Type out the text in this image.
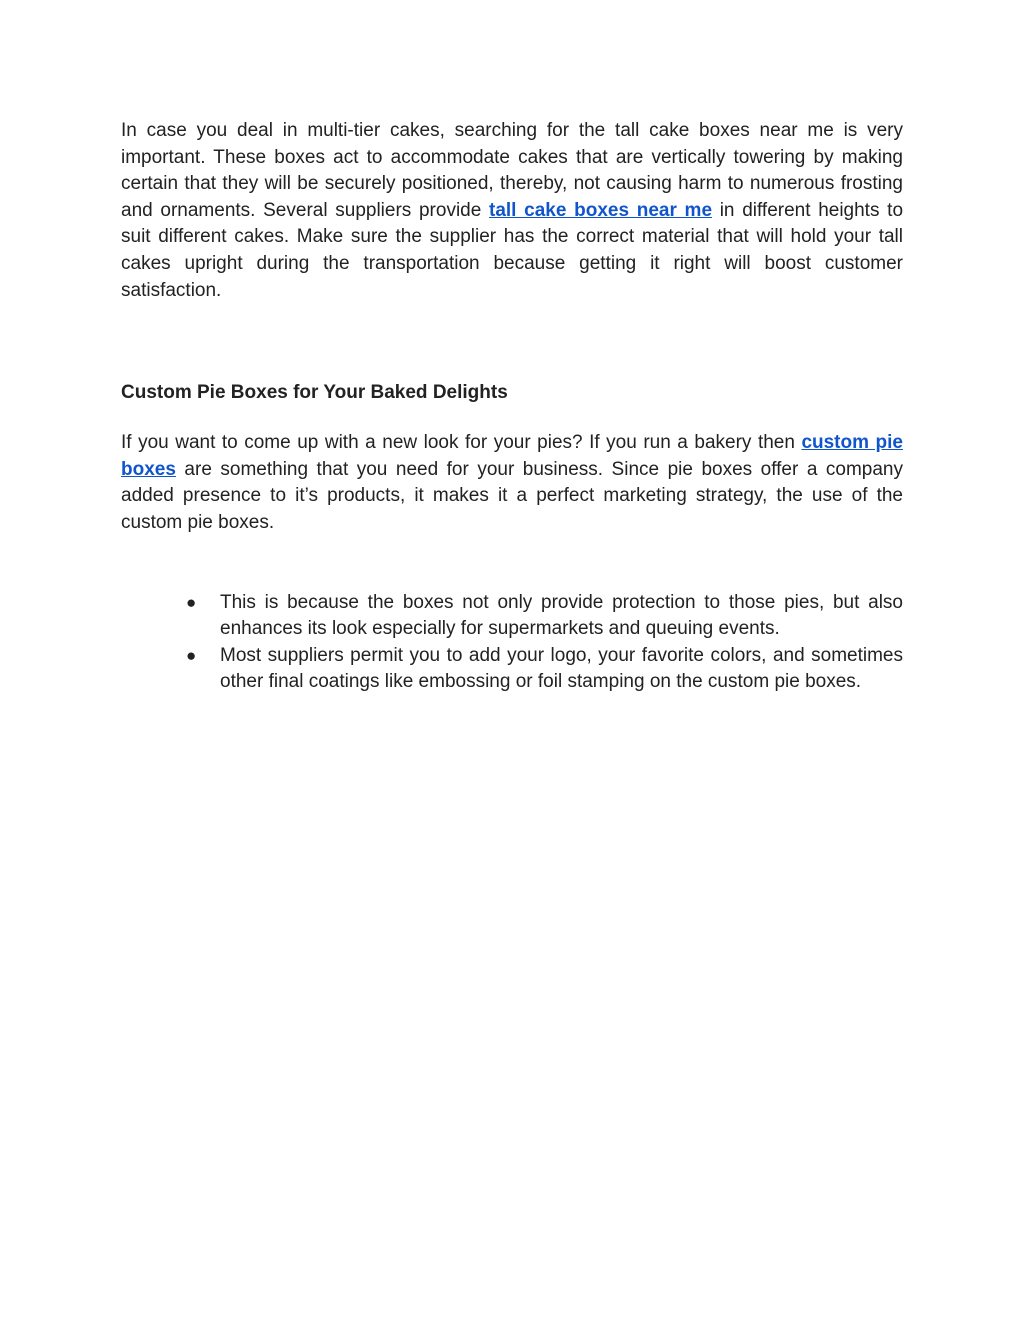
In case you deal in multi-tier cakes, searching for the tall cake boxes near me is very important. These boxes act to accommodate cakes that are vertically towering by making certain that they will be securely positioned, thereby, not causing harm to numerous frosting and ornaments. Several suppliers provide tall cake boxes near me in different heights to suit different cakes. Make sure the supplier has the correct material that will hold your tall cakes upright during the transportation because getting it right will boost customer satisfaction.

Custom Pie Boxes for Your Baked Delights

If you want to come up with a new look for your pies? If you run a bakery then custom pie boxes are something that you need for your business. Since pie boxes offer a company added presence to it’s products, it makes it a perfect marketing strategy, the use of the custom pie boxes.

● This is because the boxes not only provide protection to those pies, but also enhances its look especially for supermarkets and queuing events.
● Most suppliers permit you to add your logo, your favorite colors, and sometimes other final coatings like embossing or foil stamping on the custom pie boxes.
